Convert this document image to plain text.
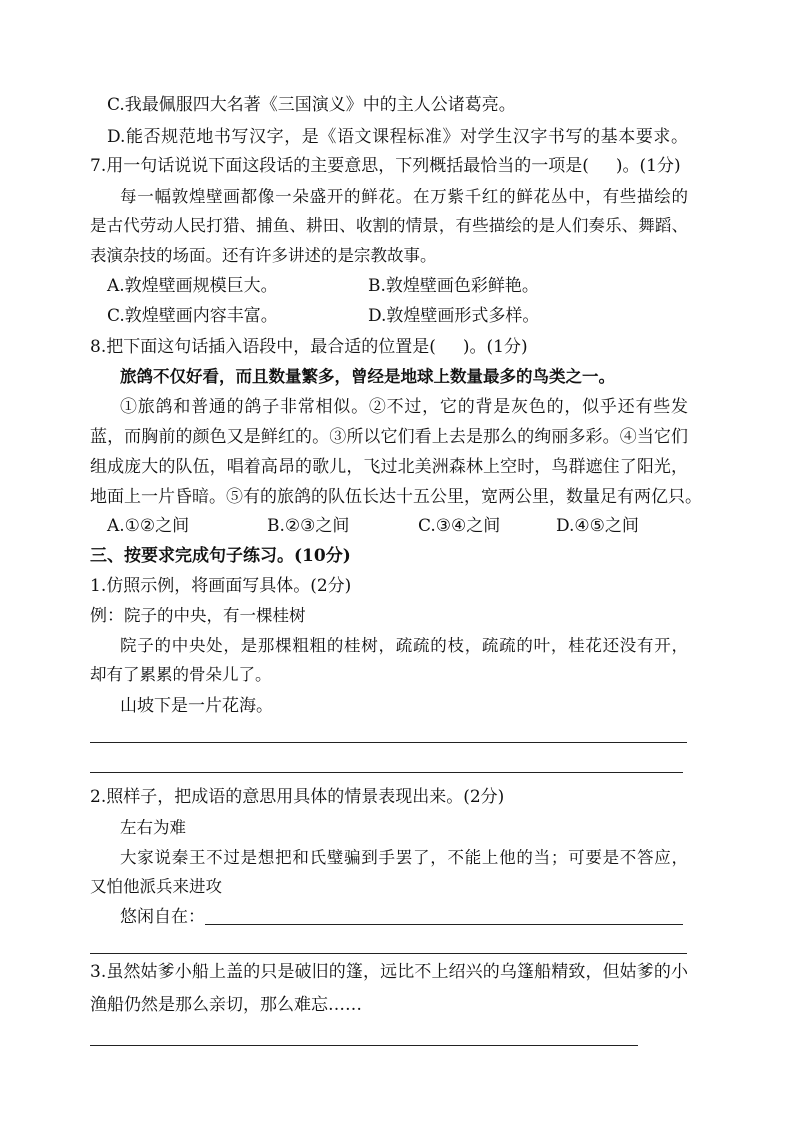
C.我最佩服四大名著《三国演义》中的主人公诸葛亮。
D.能否规范地书写汉字，是《语文课程标准》对学生汉字书写的基本要求。
7.用一句话说说下面这段话的主要意思，下列概括最恰当的一项是(     )。(1分)
每一幅敦煌壁画都像一朵盛开的鲜花。在万紫千红的鲜花丛中，有些描绘的
是古代劳动人民打猎、捕鱼、耕田、收割的情景，有些描绘的是人们奏乐、舞蹈、
表演杂技的场面。还有许多讲述的是宗教故事。
A.敦煌壁画规模巨大。	B.敦煌壁画色彩鲜艳。
C.敦煌壁画内容丰富。	D.敦煌壁画形式多样。
8.把下面这句话插入语段中，最合适的位置是(     )。(1分)
旅鸽不仅好看，而且数量繁多，曾经是地球上数量最多的鸟类之一。
①旅鸽和普通的鸽子非常相似。②不过，它的背是灰色的，似乎还有些发
蓝，而胸前的颜色又是鲜红的。③所以它们看上去是那么的绚丽多彩。④当它们
组成庞大的队伍，唱着高昂的歌儿，飞过北美洲森林上空时，鸟群遮住了阳光，
地面上一片昏暗。⑤有的旅鸽的队伍长达十五公里，宽两公里，数量足有两亿只。
A.①②之间	B.②③之间	C.③④之间	D.④⑤之间
三、按要求完成句子练习。(10分)
1.仿照示例，将画面写具体。(2分)
例：院子的中央，有一棵桂树
院子的中央处，是那棵粗粗的桂树，疏疏的枝，疏疏的叶，桂花还没有开，
却有了累累的骨朵儿了。
山坡下是一片花海。
2.照样子，把成语的意思用具体的情景表现出来。(2分)
左右为难
大家说秦王不过是想把和氏璧骗到手罢了，不能上他的当；可要是不答应，
又怕他派兵来进攻
悠闲自在：
3.虽然姑爹小船上盖的只是破旧的篷，远比不上绍兴的乌篷船精致，但姑爹的小
渔船仍然是那么亲切，那么难忘……
